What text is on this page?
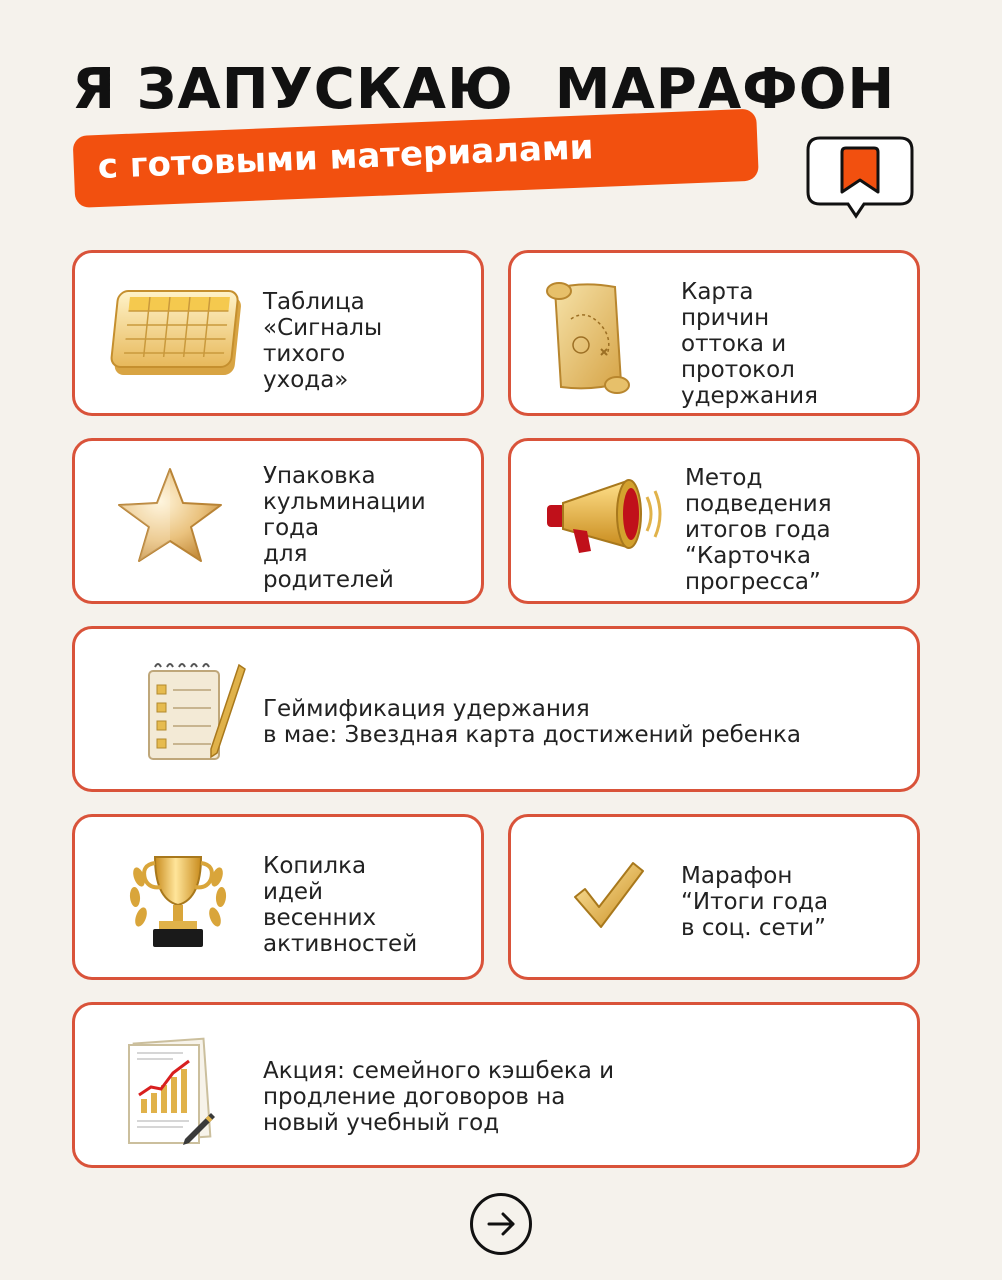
Я ЗАПУСКАЮ  МАРАФОН
с готовыми материалами
Таблица
«Сигналы
тихого
ухода»
Карта
причин
оттока и
протокол
удержания
Упаковка
кульминации
года
для
родителей
Метод
подведения
итогов года
“Карточка
прогресса”
Геймификация удержания
в мае: Звездная карта достижений ребенка
Копилка
идей
весенних
активностей
Марафон
“Итоги года
в соц. сети”
Акция: семейного кэшбека и
продление договоров на
новый учебный год
